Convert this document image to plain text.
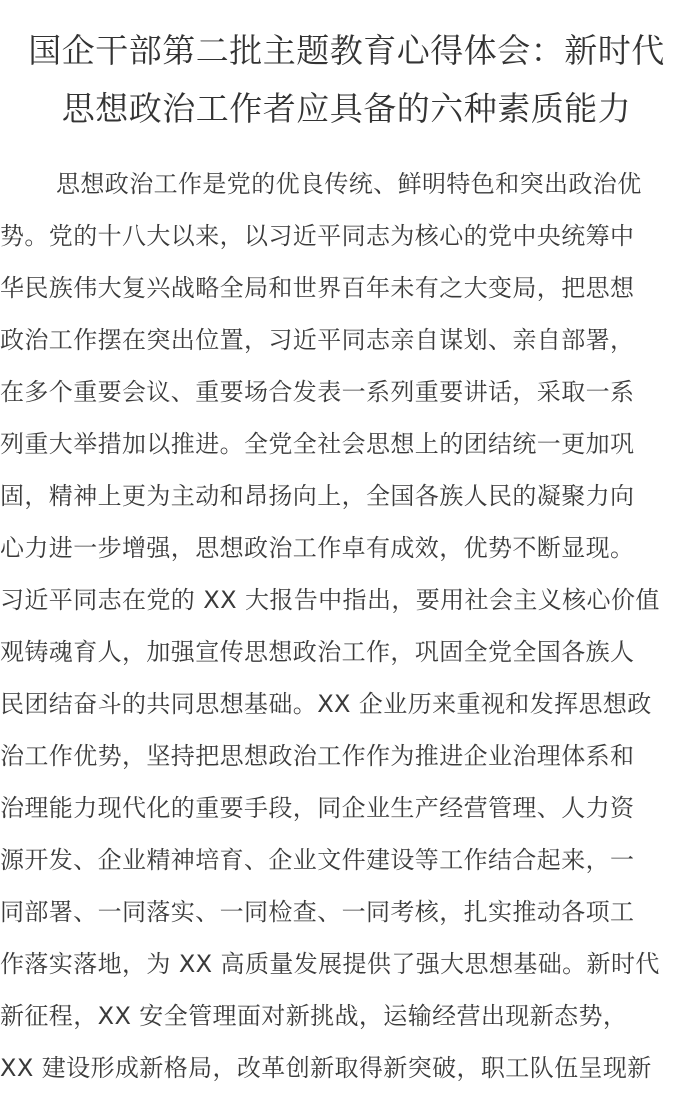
国企干部第二批主题教育心得体会：新时代
思想政治工作者应具备的六种素质能力
思想政治工作是党的优良传统、鲜明特色和突出政治优
势。党的十八大以来，以习近平同志为核心的党中央统筹中
华民族伟大复兴战略全局和世界百年未有之大变局，把思想
政治工作摆在突出位置，习近平同志亲自谋划、亲自部署，
在多个重要会议、重要场合发表一系列重要讲话，采取一系
列重大举措加以推进。全党全社会思想上的团结统一更加巩
固，精神上更为主动和昂扬向上，全国各族人民的凝聚力向
心力进一步增强，思想政治工作卓有成效，优势不断显现。
习近平同志在党的 XX 大报告中指出，要用社会主义核心价值
观铸魂育人，加强宣传思想政治工作，巩固全党全国各族人
民团结奋斗的共同思想基础。XX 企业历来重视和发挥思想政
治工作优势，坚持把思想政治工作作为推进企业治理体系和
治理能力现代化的重要手段，同企业生产经营管理、人力资
源开发、企业精神培育、企业文件建设等工作结合起来，一
同部署、一同落实、一同检查、一同考核，扎实推动各项工
作落实落地，为 XX 高质量发展提供了强大思想基础。新时代
新征程，XX 安全管理面对新挑战，运输经营出现新态势，
XX 建设形成新格局，改革创新取得新突破，职工队伍呈现新
